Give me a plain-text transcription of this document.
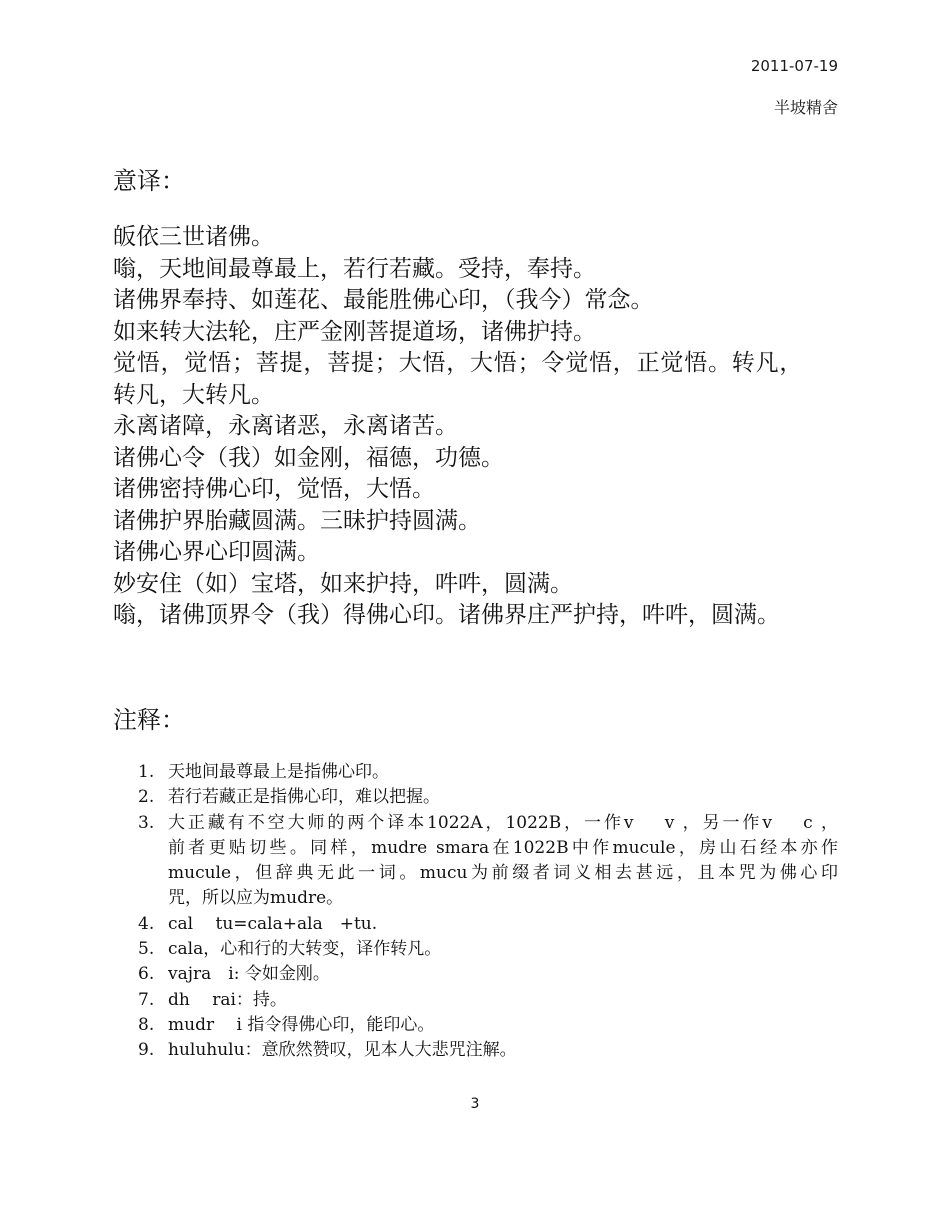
2011-07-19
半坡精舍
意译：
皈依三世诸佛。
嗡，天地间最尊最上，若行若藏。受持，奉持。
诸佛界奉持、如莲花、最能胜佛心印，（我今）常念。
如来转大法轮，庄严金刚菩提道场，诸佛护持。
觉悟，觉悟；菩提，菩提；大悟，大悟；令觉悟，正觉悟。转凡，
转凡，大转凡。
永离诸障，永离诸恶，永离诸苦。
诸佛心令（我）如金刚，福德，功德。
诸佛密持佛心印，觉悟，大悟。
诸佛护界胎藏圆满。三昧护持圆满。
诸佛心界心印圆满。
妙安住（如）宝塔，如来护持，吽吽，圆满。
嗡，诸佛顶界令（我）得佛心印。诸佛界庄严护持，吽吽，圆满。
注释：
1. 天地间最尊最上是指佛心印。
2. 若行若藏正是指佛心印，难以把握。
3. 大正藏有不空大师的两个译本1022A，1022B，一作v　 v ，另一作v　 c ，
前者更贴切些。同样，mudre smara在1022B中作mucule，房山石经本亦作
mucule，但辞典无此一词。mucu为前缀者词义相去甚远，且本咒为佛心印
咒，所以应为mudre。
4. cal　 tu=cala+ala　+tu.
5. cala，心和行的大转变，译作转凡。
6. vajra　i: 令如金刚。
7. dh　 rai：持。
8. mudr　 i 指令得佛心印，能印心。
9. huluhulu：意欣然赞叹，见本人大悲咒注解。
3
